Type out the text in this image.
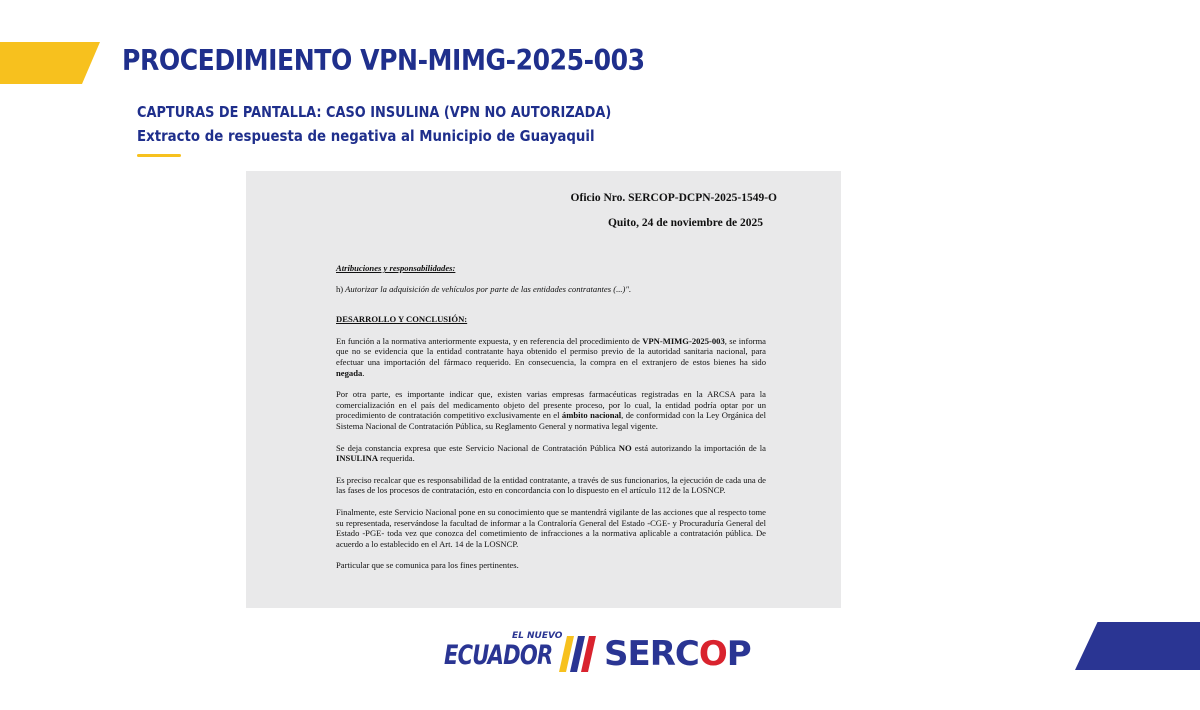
PROCEDIMIENTO VPN-MIMG-2025-003
CAPTURAS DE PANTALLA: CASO INSULINA (VPN NO AUTORIZADA)
Extracto de respuesta de negativa al Municipio de Guayaquil
Oficio Nro. SERCOP-DCPN-2025-1549-O
Quito, 24 de noviembre de 2025

Atribuciones y responsabilidades:

h) Autorizar la adquisición de vehículos por parte de las entidades contratantes (...)".

DESARROLLO Y CONCLUSIÓN:

En función a la normativa anteriormente expuesta, y en referencia del procedimiento de VPN-MIMG-2025-003, se informa que no se evidencia que la entidad contratante haya obtenido el permiso previo de la autoridad sanitaria nacional, para efectuar una importación del fármaco requerido. En consecuencia, la compra en el extranjero de estos bienes ha sido negada.

Por otra parte, es importante indicar que, existen varias empresas farmacéuticas registradas en la ARCSA para la comercialización en el país del medicamento objeto del presente proceso, por lo cual, la entidad podría optar por un procedimiento de contratación competitivo exclusivamente en el ámbito nacional, de conformidad con la Ley Orgánica del Sistema Nacional de Contratación Pública, su Reglamento General y normativa legal vigente.

Se deja constancia expresa que este Servicio Nacional de Contratación Pública NO está autorizando la importación de la INSULINA requerida.

Es preciso recalcar que es responsabilidad de la entidad contratante, a través de sus funcionarios, la ejecución de cada una de las fases de los procesos de contratación, esto en concordancia con lo dispuesto en el artículo 112 de la LOSNCP.

Finalmente, este Servicio Nacional pone en su conocimiento que se mantendrá vigilante de las acciones que al respecto tome su representada, reservándose la facultad de informar a la Contraloría General del Estado -CGE- y Procuraduría General del Estado -PGE- toda vez que conozca del cometimiento de infracciones a la normativa aplicable a contratación pública. De acuerdo a lo establecido en el Art. 14 de la LOSNCP.

Particular que se comunica para los fines pertinentes.

EL NUEVO
ECUADOR SERCOP
